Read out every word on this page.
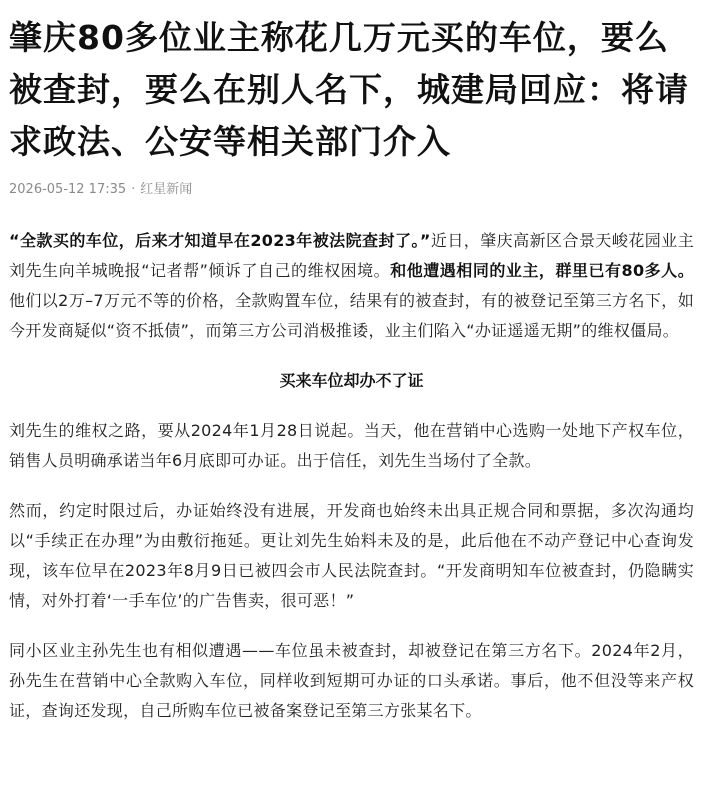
肇庆80多位业主称花几万元买的车位，要么被查封，要么在别人名下，城建局回应：将请求政法、公安等相关部门介入
2026-05-12 17:35 · 红星新闻

“全款买的车位，后来才知道早在2023年被法院查封了。”近日，肇庆高新区合景天峻花园业主刘先生向羊城晚报“记者帮”倾诉了自己的维权困境。和他遭遇相同的业主，群里已有80多人。他们以2万–7万元不等的价格，全款购置车位，结果有的被查封，有的被登记至第三方名下，如今开发商疑似“资不抵债”，而第三方公司消极推诿，业主们陷入“办证遥遥无期”的维权僵局。

买来车位却办不了证

刘先生的维权之路，要从2024年1月28日说起。当天，他在营销中心选购一处地下产权车位，销售人员明确承诺当年6月底即可办证。出于信任，刘先生当场付了全款。

然而，约定时限过后，办证始终没有进展，开发商也始终未出具正规合同和票据，多次沟通均以“手续正在办理”为由敷衍拖延。更让刘先生始料未及的是，此后他在不动产登记中心查询发现，该车位早在2023年8月9日已被四会市人民法院查封。“开发商明知车位被查封，仍隐瞒实情，对外打着‘一手车位’的广告售卖，很可恶！”

同小区业主孙先生也有相似遭遇——车位虽未被查封，却被登记在第三方名下。2024年2月，孙先生在营销中心全款购入车位，同样收到短期可办证的口头承诺。事后，他不但没等来产权证，查询还发现，自己所购车位已被备案登记至第三方张某名下。
